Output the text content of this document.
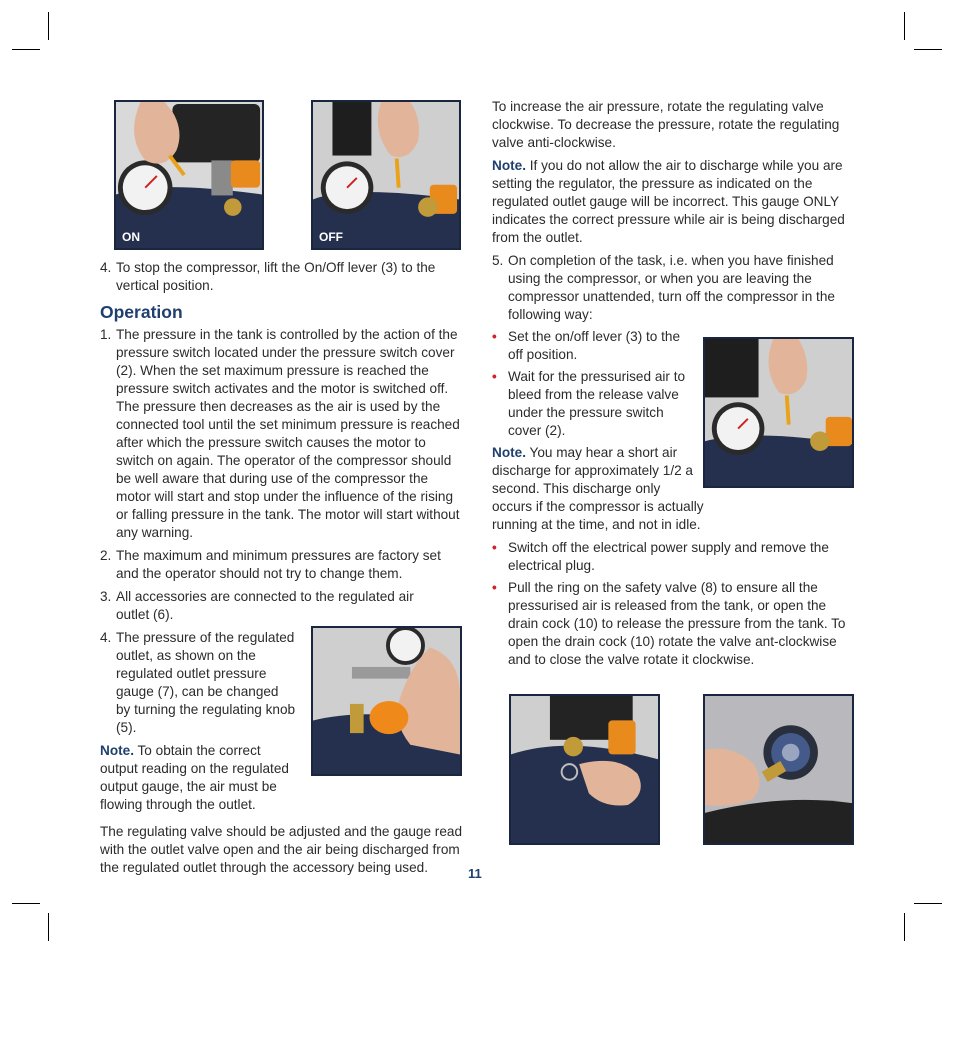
ON	OFF
4. To stop the compressor, lift the On/Off lever (3) to the vertical position.
Operation
1. The pressure in the tank is controlled by the action of the pressure switch located under the pressure switch cover (2). When the set maximum pressure is reached the pressure switch activates and the motor is switched off. The pressure then decreases as the air is used by the connected tool until the set minimum pressure is reached after which the pressure switch causes the motor to switch on again. The operator of the compressor should be well aware that during use of the compressor the motor will start and stop under the influence of the rising or falling pressure in the tank. The motor will start without any warning.
2. The maximum and minimum pressures are factory set and the operator should not try to change them.
3. All accessories are connected to the regulated air outlet (6).
4. The pressure of the regulated outlet, as shown on the regulated outlet pressure gauge (7), can be changed by turning the regulating knob (5).
Note. To obtain the correct output reading on the regulated output gauge, the air must be flowing through the outlet.
The regulating valve should be adjusted and the gauge read with the outlet valve open and the air being discharged from the regulated outlet through the accessory being used.
To increase the air pressure, rotate the regulating valve clockwise. To decrease the pressure, rotate the regulating valve anti-clockwise.
Note. If you do not allow the air to discharge while you are setting the regulator, the pressure as indicated on the regulated outlet gauge will be incorrect. This gauge ONLY indicates the correct pressure while air is being discharged from the outlet.
5. On completion of the task, i.e. when you have finished using the compressor, or when you are leaving the compressor unattended, turn off the compressor in the following way:
• Set the on/off lever (3) to the off position.
• Wait for the pressurised air to bleed from the release valve under the pressure switch cover (2).
Note. You may hear a short air discharge for approximately 1/2 a second. This discharge only occurs if the compressor is actually running at the time, and not in idle.
• Switch off the electrical power supply and remove the electrical plug.
• Pull the ring on the safety valve (8) to ensure all the pressurised air is released from the tank, or open the drain cock (10) to release the pressure from the tank. To open the drain cock (10) rotate the valve ant-clockwise and to close the valve rotate it clockwise.
11
